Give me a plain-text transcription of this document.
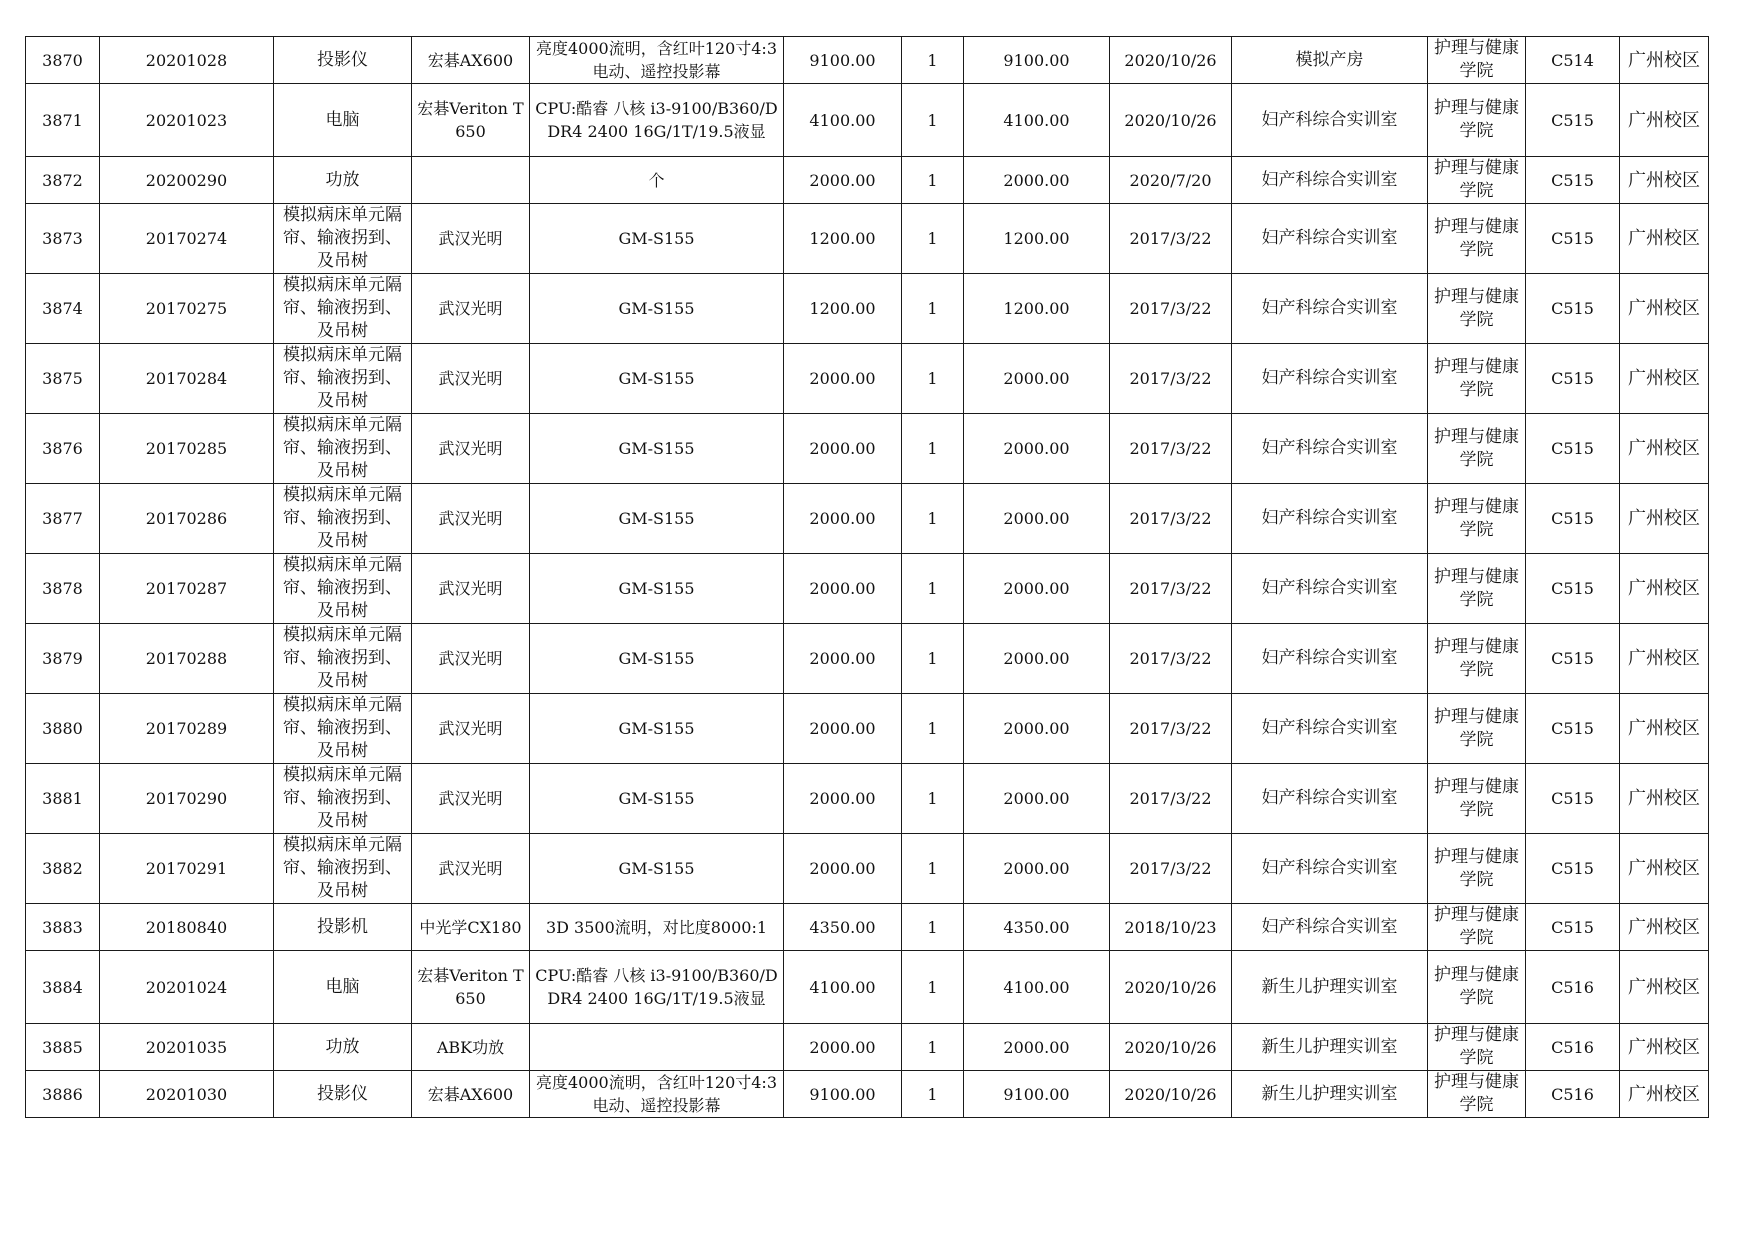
3870	20201028	投影仪	宏碁AX600	亮度4000流明，含红叶120寸4:3电动、遥控投影幕	9100.00	1	9100.00	2020/10/26	模拟产房	护理与健康学院	C514	广州校区
3871	20201023	电脑	宏碁Veriton T650	CPU:酷睿 八核 i3-9100/B360/DDR4 2400 16G/1T/19.5液显	4100.00	1	4100.00	2020/10/26	妇产科综合实训室	护理与健康学院	C515	广州校区
3872	20200290	功放		个	2000.00	1	2000.00	2020/7/20	妇产科综合实训室	护理与健康学院	C515	广州校区
3873	20170274	模拟病床单元隔帘、输液拐到、及吊树	武汉光明	GM-S155	1200.00	1	1200.00	2017/3/22	妇产科综合实训室	护理与健康学院	C515	广州校区
3874	20170275	模拟病床单元隔帘、输液拐到、及吊树	武汉光明	GM-S155	1200.00	1	1200.00	2017/3/22	妇产科综合实训室	护理与健康学院	C515	广州校区
3875	20170284	模拟病床单元隔帘、输液拐到、及吊树	武汉光明	GM-S155	2000.00	1	2000.00	2017/3/22	妇产科综合实训室	护理与健康学院	C515	广州校区
3876	20170285	模拟病床单元隔帘、输液拐到、及吊树	武汉光明	GM-S155	2000.00	1	2000.00	2017/3/22	妇产科综合实训室	护理与健康学院	C515	广州校区
3877	20170286	模拟病床单元隔帘、输液拐到、及吊树	武汉光明	GM-S155	2000.00	1	2000.00	2017/3/22	妇产科综合实训室	护理与健康学院	C515	广州校区
3878	20170287	模拟病床单元隔帘、输液拐到、及吊树	武汉光明	GM-S155	2000.00	1	2000.00	2017/3/22	妇产科综合实训室	护理与健康学院	C515	广州校区
3879	20170288	模拟病床单元隔帘、输液拐到、及吊树	武汉光明	GM-S155	2000.00	1	2000.00	2017/3/22	妇产科综合实训室	护理与健康学院	C515	广州校区
3880	20170289	模拟病床单元隔帘、输液拐到、及吊树	武汉光明	GM-S155	2000.00	1	2000.00	2017/3/22	妇产科综合实训室	护理与健康学院	C515	广州校区
3881	20170290	模拟病床单元隔帘、输液拐到、及吊树	武汉光明	GM-S155	2000.00	1	2000.00	2017/3/22	妇产科综合实训室	护理与健康学院	C515	广州校区
3882	20170291	模拟病床单元隔帘、输液拐到、及吊树	武汉光明	GM-S155	2000.00	1	2000.00	2017/3/22	妇产科综合实训室	护理与健康学院	C515	广州校区
3883	20180840	投影机	中光学CX180	3D 3500流明，对比度8000:1	4350.00	1	4350.00	2018/10/23	妇产科综合实训室	护理与健康学院	C515	广州校区
3884	20201024	电脑	宏碁Veriton T650	CPU:酷睿 八核 i3-9100/B360/DDR4 2400 16G/1T/19.5液显	4100.00	1	4100.00	2020/10/26	新生儿护理实训室	护理与健康学院	C516	广州校区
3885	20201035	功放	ABK功放		2000.00	1	2000.00	2020/10/26	新生儿护理实训室	护理与健康学院	C516	广州校区
3886	20201030	投影仪	宏碁AX600	亮度4000流明，含红叶120寸4:3电动、遥控投影幕	9100.00	1	9100.00	2020/10/26	新生儿护理实训室	护理与健康学院	C516	广州校区
